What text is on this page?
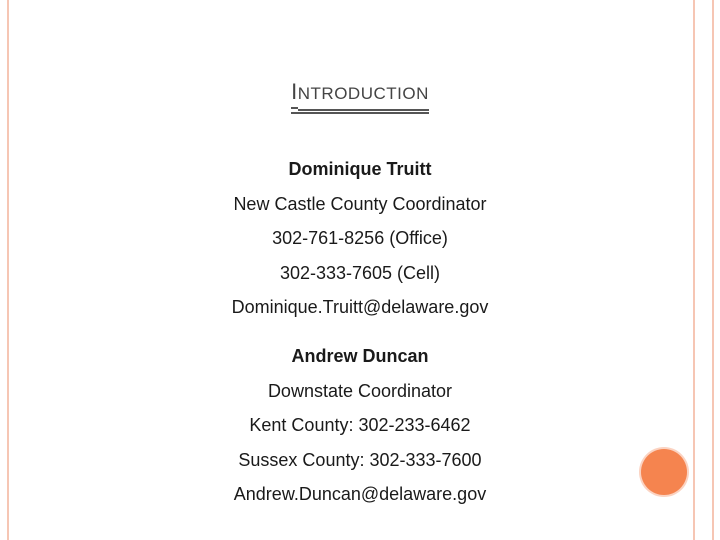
INTRODUCTION
Dominique Truitt
New Castle County Coordinator
302-761-8256 (Office)
302-333-7605 (Cell)
Dominique.Truitt@delaware.gov
Andrew Duncan
Downstate Coordinator
Kent County: 302-233-6462
Sussex County: 302-333-7600
Andrew.Duncan@delaware.gov
